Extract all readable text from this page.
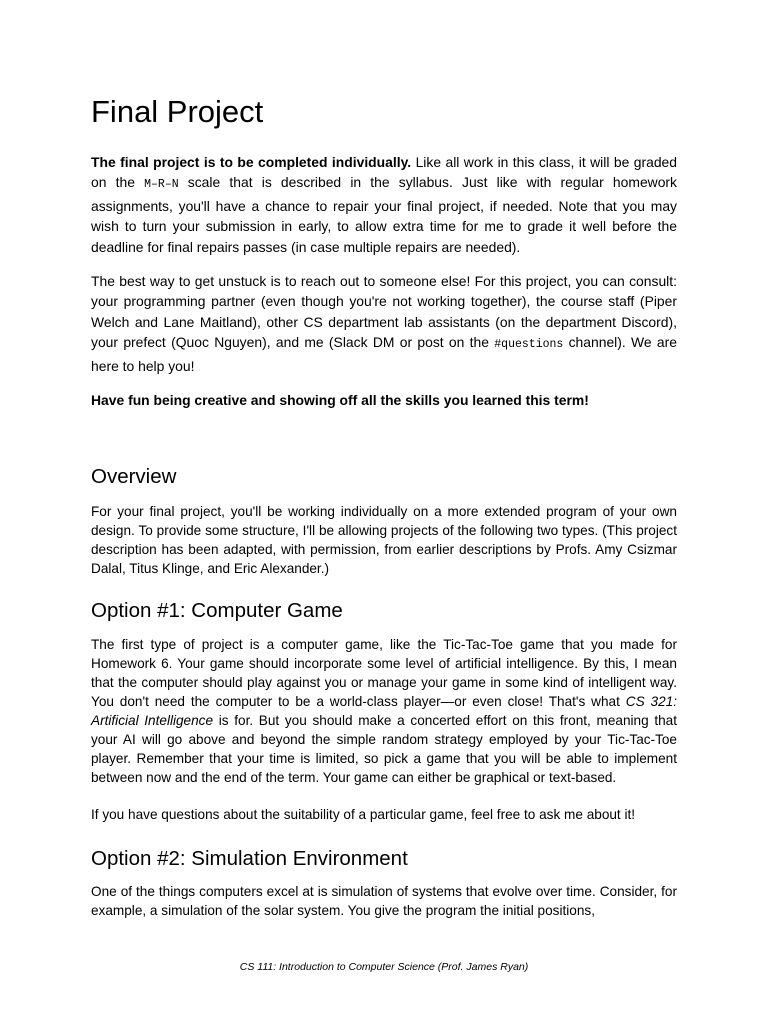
Final Project

The final project is to be completed individually. Like all work in this class, it will be graded on the M–R–N scale that is described in the syllabus. Just like with regular homework assignments, you'll have a chance to repair your final project, if needed. Note that you may wish to turn your submission in early, to allow extra time for me to grade it well before the deadline for final repairs passes (in case multiple repairs are needed).

The best way to get unstuck is to reach out to someone else! For this project, you can consult: your programming partner (even though you're not working together), the course staff (Piper Welch and Lane Maitland), other CS department lab assistants (on the department Discord), your prefect (Quoc Nguyen), and me (Slack DM or post on the #questions channel). We are here to help you!

Have fun being creative and showing off all the skills you learned this term!

Overview

For your final project, you'll be working individually on a more extended program of your own design. To provide some structure, I'll be allowing projects of the following two types. (This project description has been adapted, with permission, from earlier descriptions by Profs. Amy Csizmar Dalal, Titus Klinge, and Eric Alexander.)

Option #1: Computer Game

The first type of project is a computer game, like the Tic-Tac-Toe game that you made for Homework 6. Your game should incorporate some level of artificial intelligence. By this, I mean that the computer should play against you or manage your game in some kind of intelligent way. You don't need the computer to be a world-class player—or even close! That's what CS 321: Artificial Intelligence is for. But you should make a concerted effort on this front, meaning that your AI will go above and beyond the simple random strategy employed by your Tic-Tac-Toe player. Remember that your time is limited, so pick a game that you will be able to implement between now and the end of the term. Your game can either be graphical or text-based.

If you have questions about the suitability of a particular game, feel free to ask me about it!

Option #2: Simulation Environment

One of the things computers excel at is simulation of systems that evolve over time. Consider, for example, a simulation of the solar system. You give the program the initial positions,

CS 111: Introduction to Computer Science (Prof. James Ryan)
